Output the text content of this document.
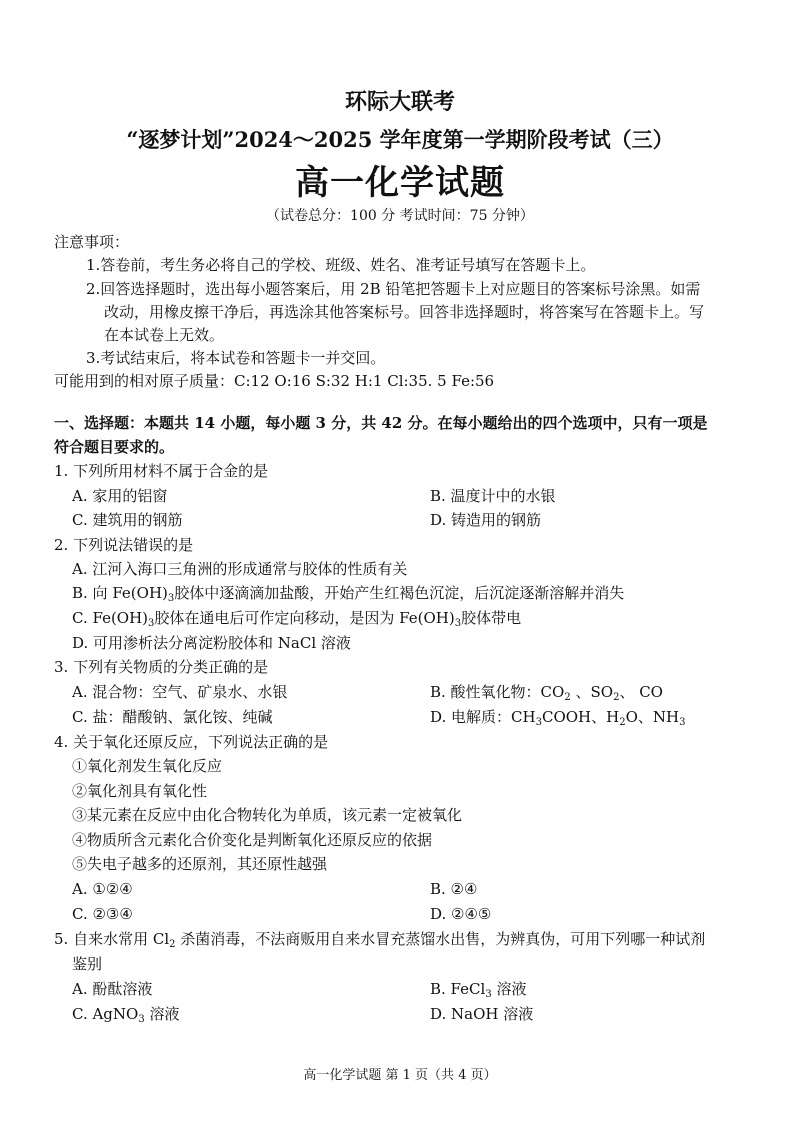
环际大联考
“逐梦计划”2024～2025 学年度第一学期阶段考试（三）
高一化学试题
（试卷总分：100 分 考试时间：75 分钟）
注意事项：
1.答卷前，考生务必将自己的学校、班级、姓名、准考证号填写在答题卡上。
2.回答选择题时，选出每小题答案后，用 2B 铅笔把答题卡上对应题目的答案标号涂黑。如需
改动，用橡皮擦干净后，再选涂其他答案标号。回答非选择题时，将答案写在答题卡上。写
在本试卷上无效。
3.考试结束后，将本试卷和答题卡一并交回。
可能用到的相对原子质量：C:12 O:16 S:32 H:1 Cl:35. 5 Fe:56
一、选择题：本题共 14 小题，每小题 3 分，共 42 分。在每小题给出的四个选项中，只有一项是
符合题目要求的。
1. 下列所用材料不属于合金的是
A. 家用的铝窗	B. 温度计中的水银
C. 建筑用的钢筋	D. 铸造用的钢筋
2. 下列说法错误的是
A. 江河入海口三角洲的形成通常与胶体的性质有关
B. 向 $Fe(OH)_3$胶体中逐滴滴加盐酸，开始产生红褐色沉淀，后沉淀逐渐溶解并消失
C. $Fe(OH)_3$胶体在通电后可作定向移动，是因为 $Fe(OH)_3$胶体带电
D. 可用渗析法分离淀粉胶体和 NaCl 溶液
3. 下列有关物质的分类正确的是
A. 混合物：空气、矿泉水、水银	B. 酸性氧化物：$CO_2$ 、$SO_2$、 CO
C. 盐：醋酸钠、氯化铵、纯碱	D. 电解质：$CH_3COOH$、$H_2O$、$NH_3$
4. 关于氧化还原反应，下列说法正确的是
①氧化剂发生氧化反应
②氧化剂具有氧化性
③某元素在反应中由化合物转化为单质，该元素一定被氧化
④物质所含元素化合价变化是判断氧化还原反应的依据
⑤失电子越多的还原剂，其还原性越强
A. ①②④	B. ②④
C. ②③④	D. ②④⑤
5. 自来水常用 $Cl_2$ 杀菌消毒，不法商贩用自来水冒充蒸馏水出售，为辨真伪，可用下列哪一种试剂
鉴别
A. 酚酞溶液	B. FeCl$_3$ 溶液
C. AgNO$_3$ 溶液	D. NaOH 溶液
高一化学试题 第 1 页（共 4 页）
